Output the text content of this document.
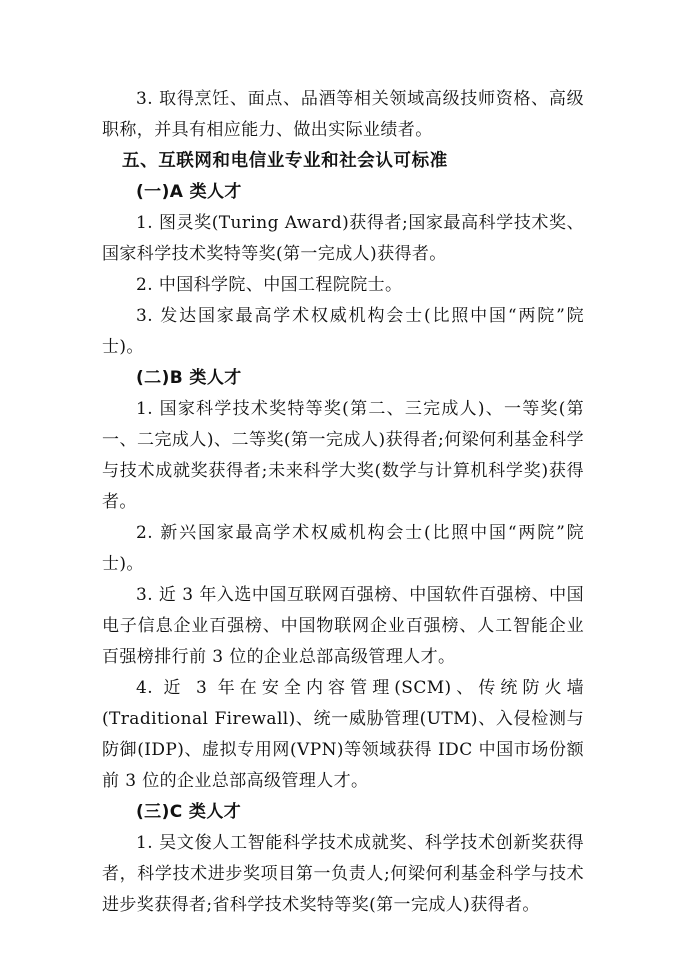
3. 取得烹饪、面点、品酒等相关领域高级技师资格、高级职称，并具有相应能力、做出实际业绩者。

五、互联网和电信业专业和社会认可标准
(一)A 类人才

1. 图灵奖(Turing Award)获得者;国家最高科学技术奖、国家科学技术奖特等奖(第一完成人)获得者。

2. 中国科学院、中国工程院院士。

3. 发达国家最高学术权威机构会士(比照中国“两院”院士)。

(二)B 类人才

1. 国家科学技术奖特等奖(第二、三完成人)、一等奖(第一、二完成人)、二等奖(第一完成人)获得者;何梁何利基金科学与技术成就奖获得者;未来科学大奖(数学与计算机科学奖)获得者。

2. 新兴国家最高学术权威机构会士(比照中国“两院”院士)。

3. 近 3 年入选中国互联网百强榜、中国软件百强榜、中国电子信息企业百强榜、中国物联网企业百强榜、人工智能企业百强榜排行前 3 位的企业总部高级管理人才。

4. 近 3 年在安全内容管理(SCM)、传统防火墙(Traditional Firewall)、统一威胁管理(UTM)、入侵检测与防御(IDP)、虚拟专用网(VPN)等领域获得 IDC 中国市场份额前 3 位的企业总部高级管理人才。

(三)C 类人才

1. 吴文俊人工智能科学技术成就奖、科学技术创新奖获得者，科学技术进步奖项目第一负责人;何梁何利基金科学与技术进步奖获得者;省科学技术奖特等奖(第一完成人)获得者。
